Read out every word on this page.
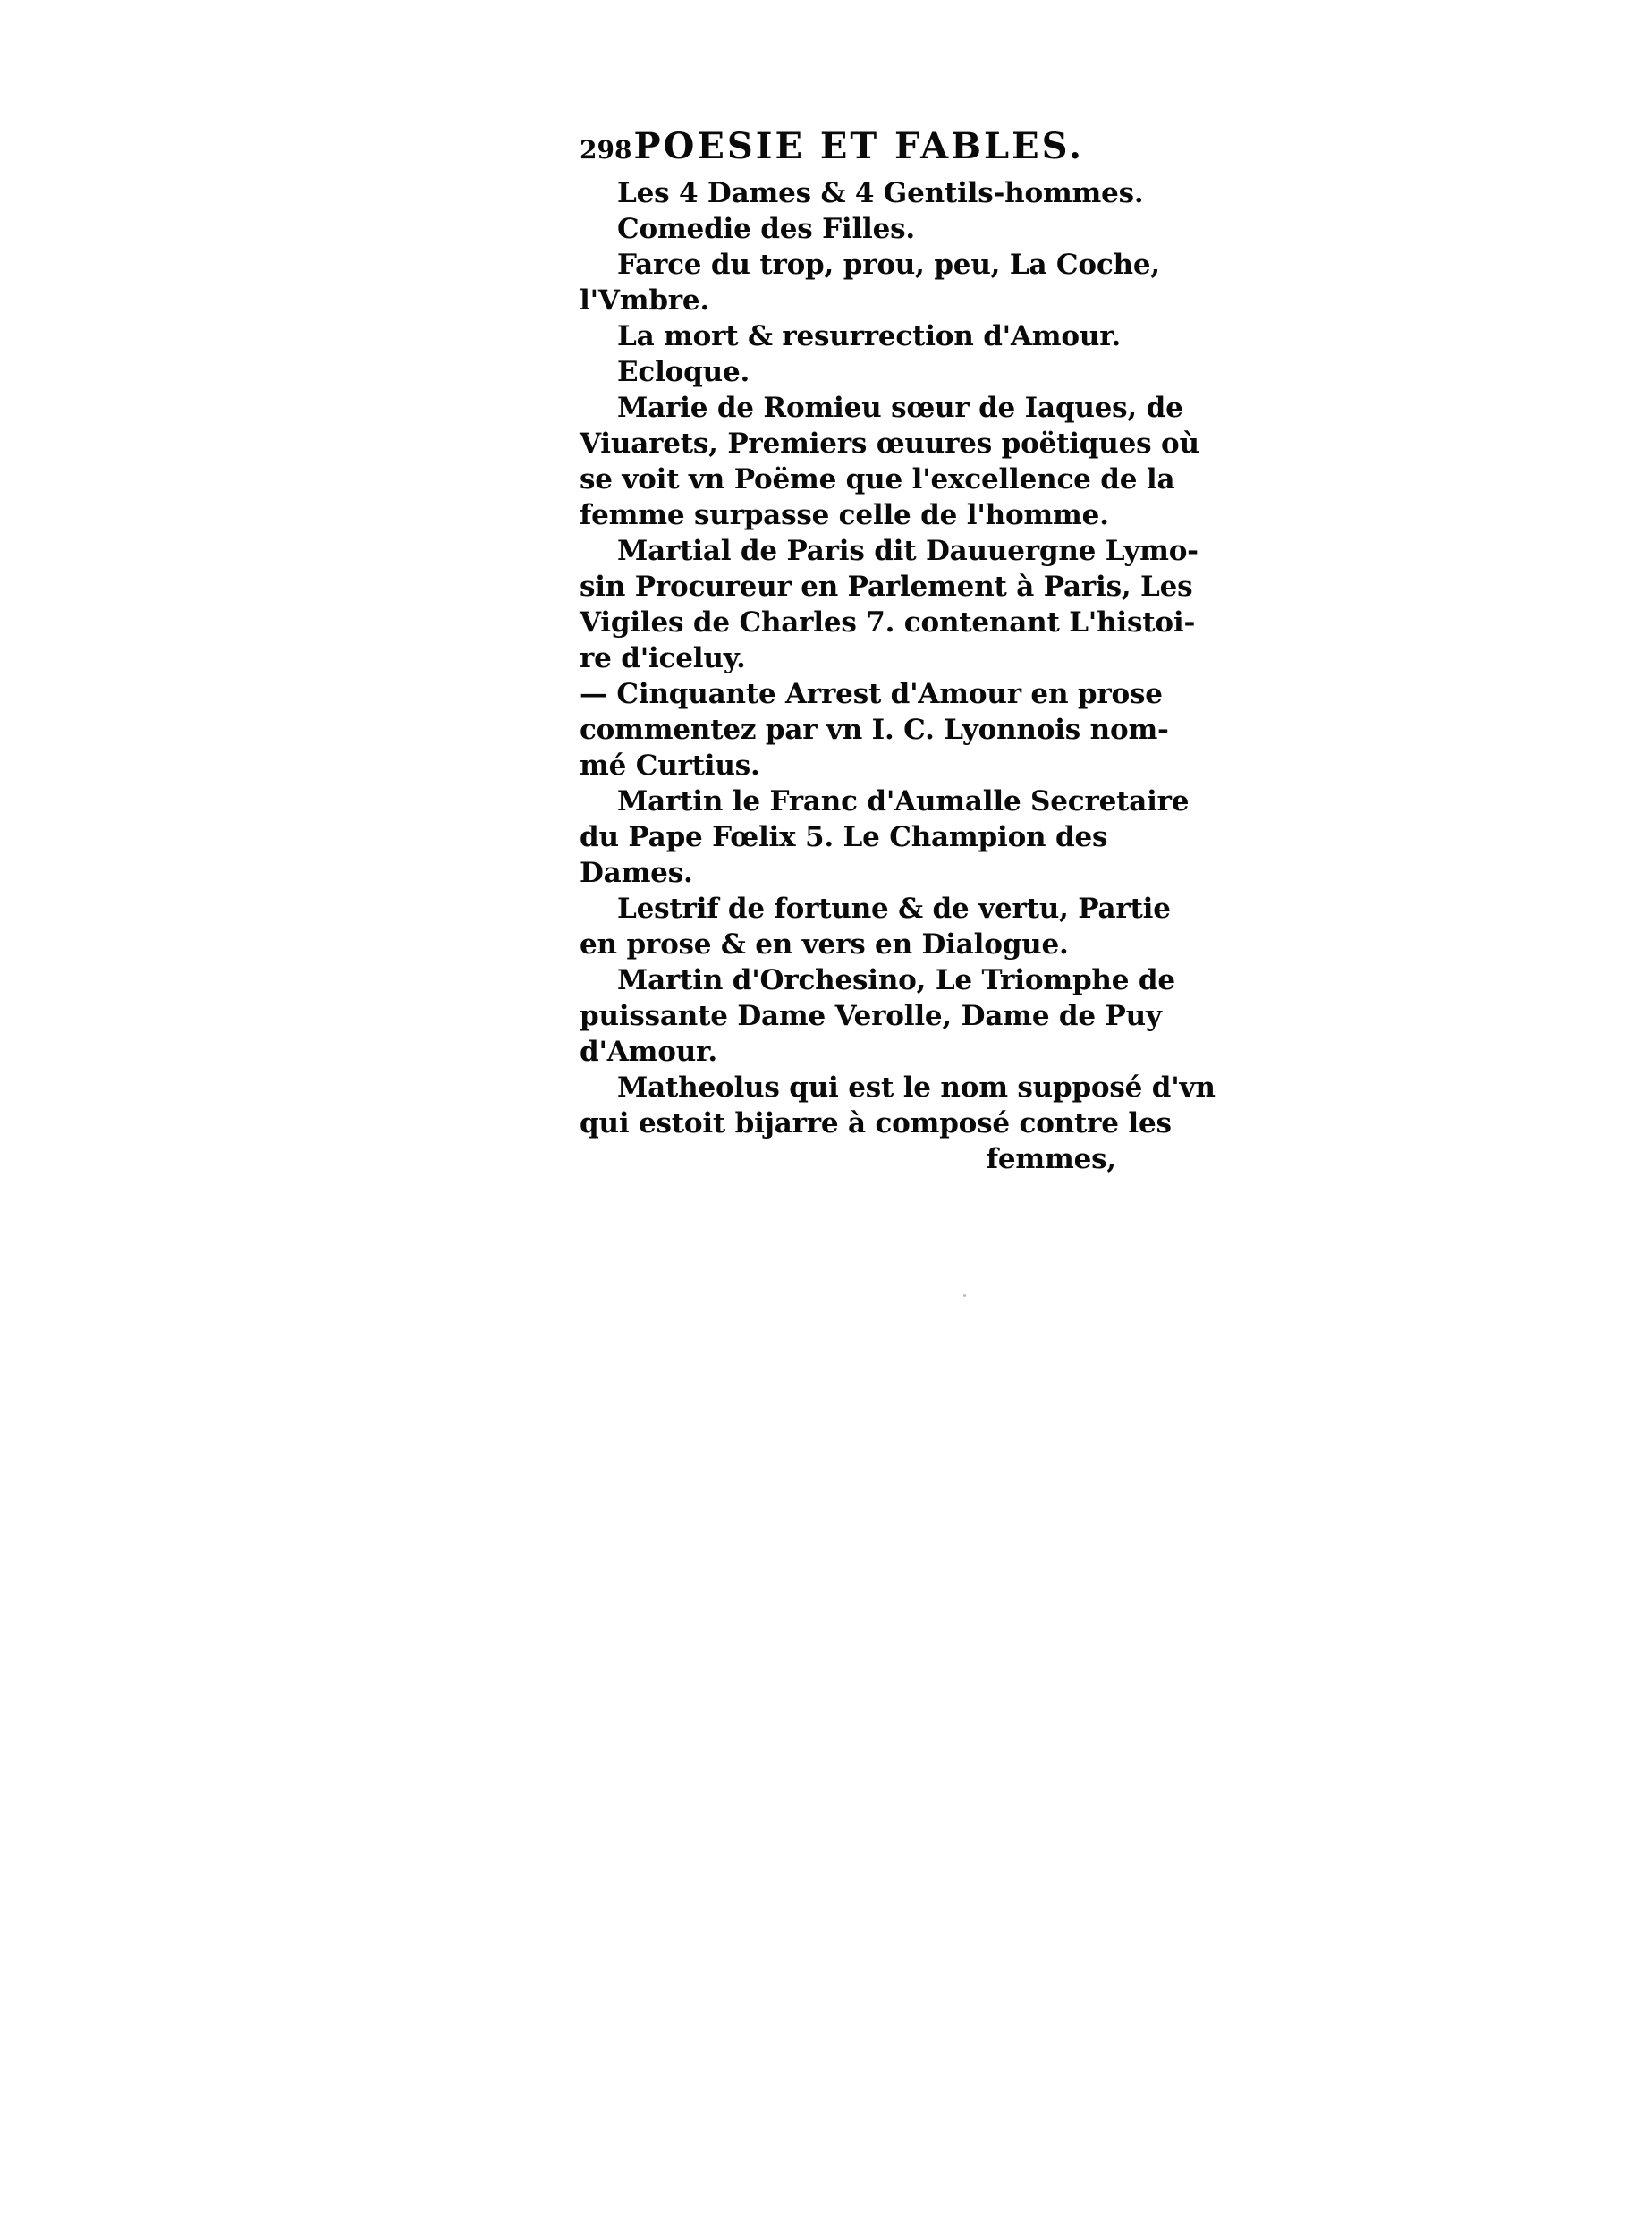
298POESIE ET FABLES.
Les 4 Dames & 4 Gentils-hommes.
Comedie des Filles.
Farce du trop, prou, peu, La Coche,
l'Vmbre.
La mort & resurrection d'Amour.
Ecloque.
Marie de Romieu sœur de Iaques, de
Viuarets, Premiers œuures poëtiques où
se voit vn Poëme que l'excellence de la
femme surpasse celle de l'homme.
Martial de Paris dit Dauuergne Lymo-
sin Procureur en Parlement à Paris, Les
Vigiles de Charles 7. contenant L'histoi-
re d'iceluy.
— Cinquante Arrest d'Amour en prose
commentez par vn I. C. Lyonnois nom-
mé Curtius.
Martin le Franc d'Aumalle Secretaire
du Pape Fœlix 5. Le Champion des
Dames.
Lestrif de fortune & de vertu, Partie
en prose & en vers en Dialogue.
Martin d'Orchesino, Le Triomphe de
puissante Dame Verolle, Dame de Puy
d'Amour.
Matheolus qui est le nom supposé d'vn
qui estoit bijarre à composé contre les
femmes,
